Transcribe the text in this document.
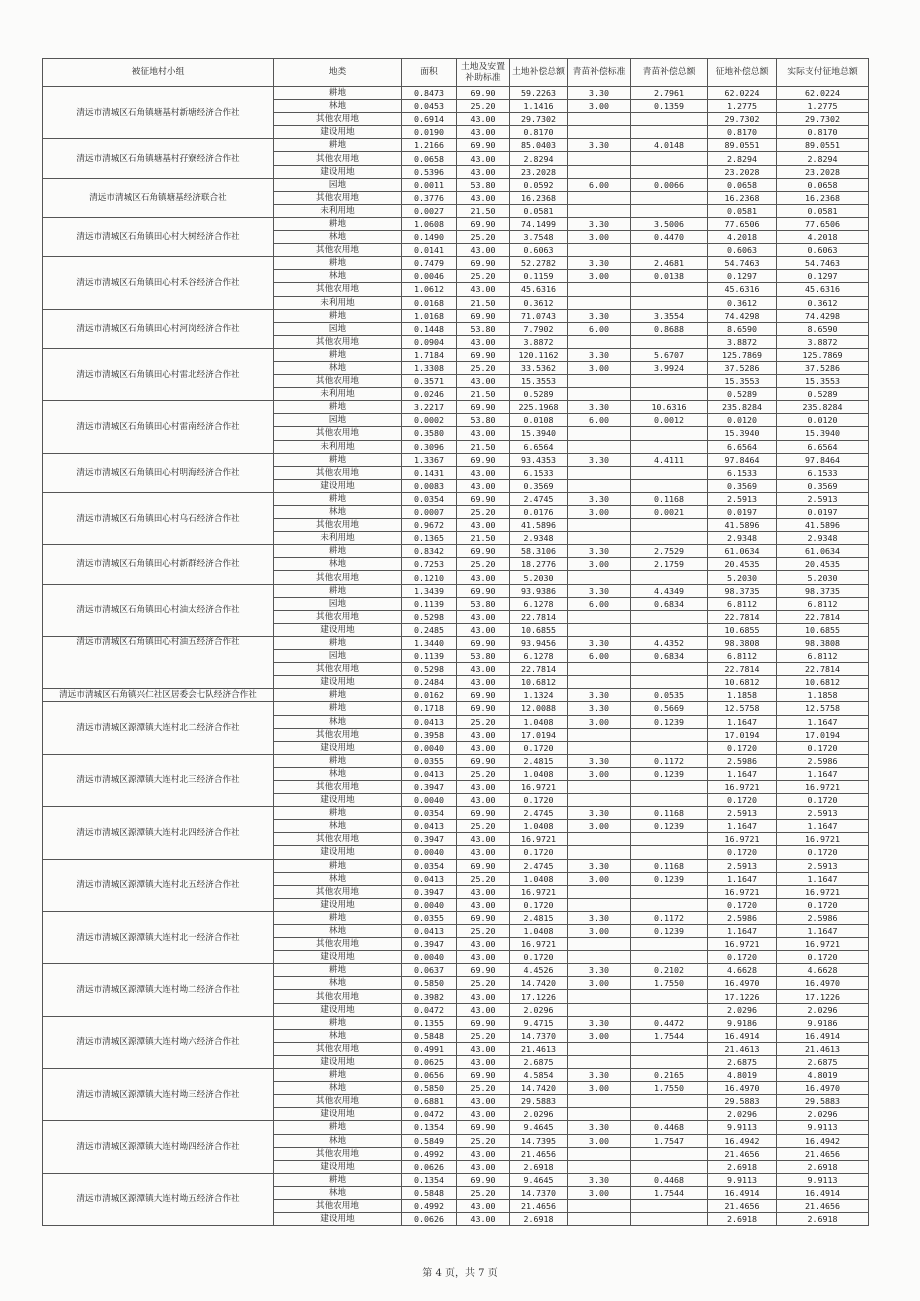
被征地村小组	地类	面积	土地及安置补助标准	土地补偿总额	青苗补偿标准	青苗补偿总额	征地补偿总额	实际支付征地总额
清远市清城区石角镇塘基村新塘经济合作社	耕地	0.8473	69.90	59.2263	3.30	2.7961	62.0224	62.0224
	林地	0.0453	25.20	1.1416	3.00	0.1359	1.2775	1.2775
	其他农用地	0.6914	43.00	29.7302			29.7302	29.7302
	建设用地	0.0190	43.00	0.8170			0.8170	0.8170
清远市清城区石角镇塘基村孖寮经济合作社	耕地	1.2166	69.90	85.0403	3.30	4.0148	89.0551	89.0551
	其他农用地	0.0658	43.00	2.8294			2.8294	2.8294
	建设用地	0.5396	43.00	23.2028			23.2028	23.2028
清远市清城区石角镇塘基经济联合社	园地	0.0011	53.80	0.0592	6.00	0.0066	0.0658	0.0658
	其他农用地	0.3776	43.00	16.2368			16.2368	16.2368
	未利用地	0.0027	21.50	0.0581			0.0581	0.0581
清远市清城区石角镇田心村大树经济合作社	耕地	1.0608	69.90	74.1499	3.30	3.5006	77.6506	77.6506
	林地	0.1490	25.20	3.7548	3.00	0.4470	4.2018	4.2018
	其他农用地	0.0141	43.00	0.6063			0.6063	0.6063
清远市清城区石角镇田心村禾谷经济合作社	耕地	0.7479	69.90	52.2782	3.30	2.4681	54.7463	54.7463
	林地	0.0046	25.20	0.1159	3.00	0.0138	0.1297	0.1297
	其他农用地	1.0612	43.00	45.6316			45.6316	45.6316
	未利用地	0.0168	21.50	0.3612			0.3612	0.3612
清远市清城区石角镇田心村河岗经济合作社	耕地	1.0168	69.90	71.0743	3.30	3.3554	74.4298	74.4298
	园地	0.1448	53.80	7.7902	6.00	0.8688	8.6590	8.6590
	其他农用地	0.0904	43.00	3.8872			3.8872	3.8872
清远市清城区石角镇田心村雷北经济合作社	耕地	1.7184	69.90	120.1162	3.30	5.6707	125.7869	125.7869
	林地	1.3308	25.20	33.5362	3.00	3.9924	37.5286	37.5286
	其他农用地	0.3571	43.00	15.3553			15.3553	15.3553
	未利用地	0.0246	21.50	0.5289			0.5289	0.5289
清远市清城区石角镇田心村雷南经济合作社	耕地	3.2217	69.90	225.1968	3.30	10.6316	235.8284	235.8284
	园地	0.0002	53.80	0.0108	6.00	0.0012	0.0120	0.0120
	其他农用地	0.3580	43.00	15.3940			15.3940	15.3940
	未利用地	0.3096	21.50	6.6564			6.6564	6.6564
清远市清城区石角镇田心村明海经济合作社	耕地	1.3367	69.90	93.4353	3.30	4.4111	97.8464	97.8464
	其他农用地	0.1431	43.00	6.1533			6.1533	6.1533
	建设用地	0.0083	43.00	0.3569			0.3569	0.3569
清远市清城区石角镇田心村乌石经济合作社	耕地	0.0354	69.90	2.4745	3.30	0.1168	2.5913	2.5913
	林地	0.0007	25.20	0.0176	3.00	0.0021	0.0197	0.0197
	其他农用地	0.9672	43.00	41.5896			41.5896	41.5896
	未利用地	0.1365	21.50	2.9348			2.9348	2.9348
清远市清城区石角镇田心村新群经济合作社	耕地	0.8342	69.90	58.3106	3.30	2.7529	61.0634	61.0634
	林地	0.7253	25.20	18.2776	3.00	2.1759	20.4535	20.4535
	其他农用地	0.1210	43.00	5.2030			5.2030	5.2030
清远市清城区石角镇田心村油太经济合作社	耕地	1.3439	69.90	93.9386	3.30	4.4349	98.3735	98.3735
	园地	0.1139	53.80	6.1278	6.00	0.6834	6.8112	6.8112
	其他农用地	0.5298	43.00	22.7814			22.7814	22.7814
	建设用地	0.2485	43.00	10.6855			10.6855	10.6855
清远市清城区石角镇田心村油五经济合作社	耕地	1.3440	69.90	93.9456	3.30	4.4352	98.3808	98.3808
	园地	0.1139	53.80	6.1278	6.00	0.6834	6.8112	6.8112
	其他农用地	0.5298	43.00	22.7814			22.7814	22.7814
	建设用地	0.2484	43.00	10.6812			10.6812	10.6812
清远市清城区石角镇兴仁社区居委会七队经济合作社	耕地	0.0162	69.90	1.1324	3.30	0.0535	1.1858	1.1858
清远市清城区源潭镇大连村北二经济合作社	耕地	0.1718	69.90	12.0088	3.30	0.5669	12.5758	12.5758
	林地	0.0413	25.20	1.0408	3.00	0.1239	1.1647	1.1647
	其他农用地	0.3958	43.00	17.0194			17.0194	17.0194
	建设用地	0.0040	43.00	0.1720			0.1720	0.1720
清远市清城区源潭镇大连村北三经济合作社	耕地	0.0355	69.90	2.4815	3.30	0.1172	2.5986	2.5986
	林地	0.0413	25.20	1.0408	3.00	0.1239	1.1647	1.1647
	其他农用地	0.3947	43.00	16.9721			16.9721	16.9721
	建设用地	0.0040	43.00	0.1720			0.1720	0.1720
清远市清城区源潭镇大连村北四经济合作社	耕地	0.0354	69.90	2.4745	3.30	0.1168	2.5913	2.5913
	林地	0.0413	25.20	1.0408	3.00	0.1239	1.1647	1.1647
	其他农用地	0.3947	43.00	16.9721			16.9721	16.9721
	建设用地	0.0040	43.00	0.1720			0.1720	0.1720
清远市清城区源潭镇大连村北五经济合作社	耕地	0.0354	69.90	2.4745	3.30	0.1168	2.5913	2.5913
	林地	0.0413	25.20	1.0408	3.00	0.1239	1.1647	1.1647
	其他农用地	0.3947	43.00	16.9721			16.9721	16.9721
	建设用地	0.0040	43.00	0.1720			0.1720	0.1720
清远市清城区源潭镇大连村北一经济合作社	耕地	0.0355	69.90	2.4815	3.30	0.1172	2.5986	2.5986
	林地	0.0413	25.20	1.0408	3.00	0.1239	1.1647	1.1647
	其他农用地	0.3947	43.00	16.9721			16.9721	16.9721
	建设用地	0.0040	43.00	0.1720			0.1720	0.1720
清远市清城区源潭镇大连村坳二经济合作社	耕地	0.0637	69.90	4.4526	3.30	0.2102	4.6628	4.6628
	林地	0.5850	25.20	14.7420	3.00	1.7550	16.4970	16.4970
	其他农用地	0.3982	43.00	17.1226			17.1226	17.1226
	建设用地	0.0472	43.00	2.0296			2.0296	2.0296
清远市清城区源潭镇大连村坳六经济合作社	耕地	0.1355	69.90	9.4715	3.30	0.4472	9.9186	9.9186
	林地	0.5848	25.20	14.7370	3.00	1.7544	16.4914	16.4914
	其他农用地	0.4991	43.00	21.4613			21.4613	21.4613
	建设用地	0.0625	43.00	2.6875			2.6875	2.6875
清远市清城区源潭镇大连村坳三经济合作社	耕地	0.0656	69.90	4.5854	3.30	0.2165	4.8019	4.8019
	林地	0.5850	25.20	14.7420	3.00	1.7550	16.4970	16.4970
	其他农用地	0.6881	43.00	29.5883			29.5883	29.5883
	建设用地	0.0472	43.00	2.0296			2.0296	2.0296
清远市清城区源潭镇大连村坳四经济合作社	耕地	0.1354	69.90	9.4645	3.30	0.4468	9.9113	9.9113
	林地	0.5849	25.20	14.7395	3.00	1.7547	16.4942	16.4942
	其他农用地	0.4992	43.00	21.4656			21.4656	21.4656
	建设用地	0.0626	43.00	2.6918			2.6918	2.6918
清远市清城区源潭镇大连村坳五经济合作社	耕地	0.1354	69.90	9.4645	3.30	0.4468	9.9113	9.9113
	林地	0.5848	25.20	14.7370	3.00	1.7544	16.4914	16.4914
	其他农用地	0.4992	43.00	21.4656			21.4656	21.4656
	建设用地	0.0626	43.00	2.6918			2.6918	2.6918
第 4 页，共 7 页
